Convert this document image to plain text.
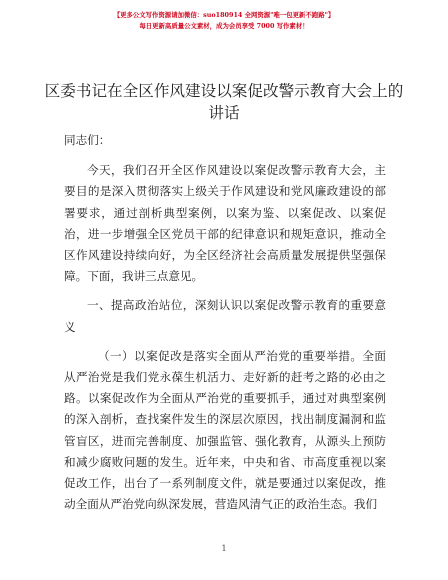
【更多公文写作资源请加微信：suo180914 全网资源"唯一包更新不跑路"】
每日更新高质量公文素材，成为会员享受 7000 写作素材！
区委书记在全区作风建设以案促改警示教育大会上的讲话

同志们：

今天，我们召开全区作风建设以案促改警示教育大会，主要目的是深入贯彻落实上级关于作风建设和党风廉政建设的部署要求，通过剖析典型案例，以案为鉴、以案促改、以案促治，进一步增强全区党员干部的纪律意识和规矩意识，推动全区作风建设持续向好，为全区经济社会高质量发展提供坚强保障。下面，我讲三点意见。

一、提高政治站位，深刻认识以案促改警示教育的重要意义

（一）以案促改是落实全面从严治党的重要举措。全面从严治党是我们党永葆生机活力、走好新的赶考之路的必由之路。以案促改作为全面从严治党的重要抓手，通过对典型案例的深入剖析，查找案件发生的深层次原因，找出制度漏洞和监管盲区，进而完善制度、加强监管、强化教育，从源头上预防和减少腐败问题的发生。近年来，中央和省、市高度重视以案促改工作，出台了一系列制度文件，就是要通过以案促改，推动全面从严治党向纵深发展，营造风清气正的政治生态。我们

1
